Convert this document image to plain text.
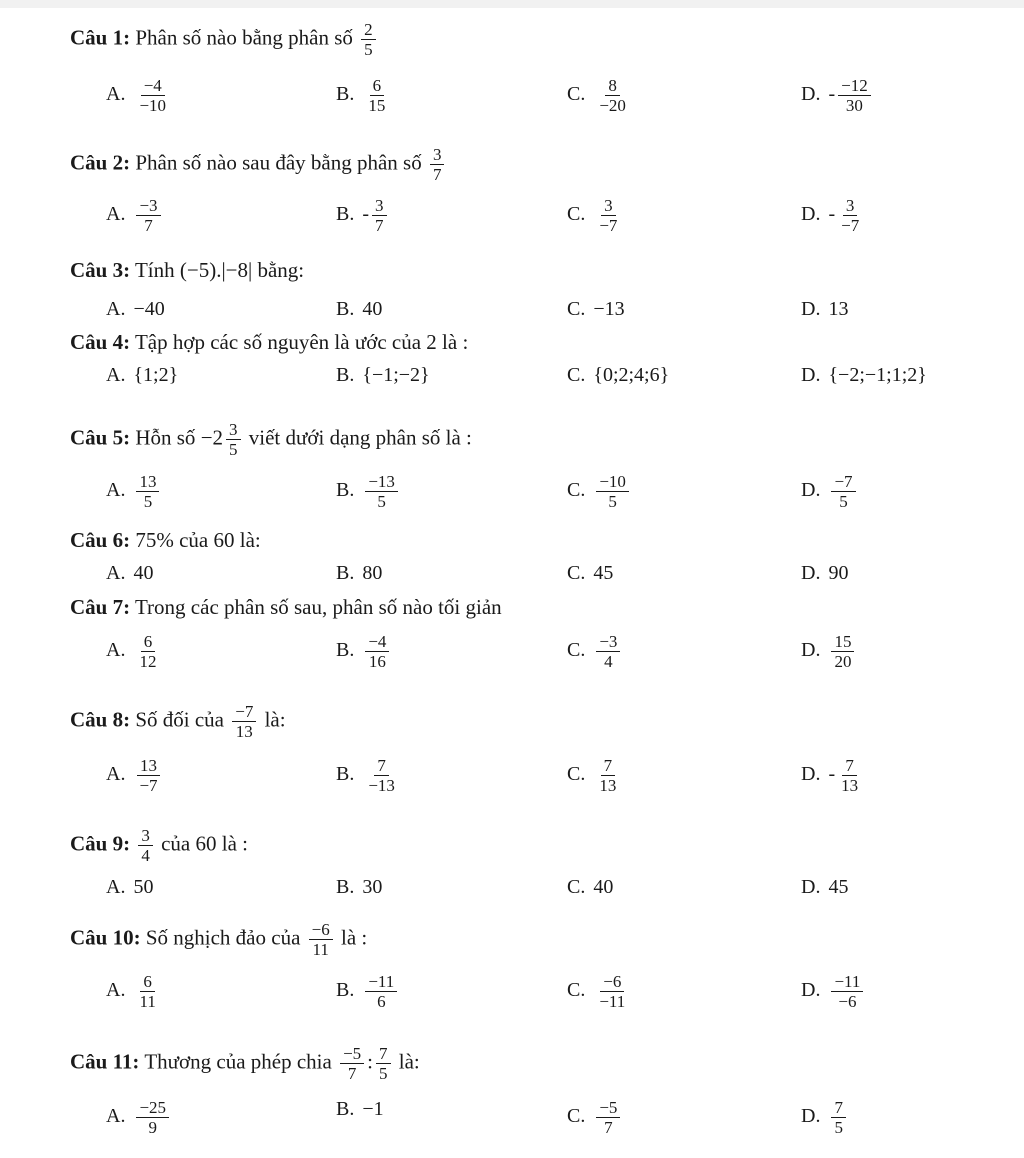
Câu 1: Phân số nào bằng phân số $\frac{2}{5}$
A. $\frac{-4}{-10}$	B. $\frac{6}{15}$	C. $\frac{8}{-20}$	D. - $\frac{-12}{30}$
Câu 2: Phân số nào sau đây bằng phân số $\frac{3}{7}$
A. $\frac{-3}{7}$	B. - $\frac{3}{7}$	C. $\frac{3}{-7}$	D. - $\frac{3}{-7}$
Câu 3: Tính (−5).|−8| bằng:
A. −40	B. 40	C. −13	D. 13
Câu 4: Tập hợp các số nguyên là ước của 2 là :
A. {1;2}	B. {−1;−2}	C. {0;2;4;6}	D. {−2;−1;1;2}
Câu 5: Hỗn số $-2 \frac{3}{5}$ viết dưới dạng phân số là :
A. $\frac{13}{5}$	B. $\frac{-13}{5}$	C. $\frac{-10}{5}$	D. $\frac{-7}{5}$
Câu 6: 75% của 60 là:
A. 40	B. 80	C. 45	D. 90
Câu 7: Trong các phân số sau, phân số nào tối giản
A. $\frac{6}{12}$	B. $\frac{-4}{16}$	C. $\frac{-3}{4}$	D. $\frac{15}{20}$
Câu 8: Số đối của $\frac{-7}{13}$ là:
A. $\frac{13}{-7}$	B. $\frac{7}{-13}$	C. $\frac{7}{13}$	D. - $\frac{7}{13}$
Câu 9: $\frac{3}{4}$ của 60 là :
A. 50	B. 30	C. 40	D. 45
Câu 10: Số nghịch đảo của $\frac{-6}{11}$ là :
A. $\frac{6}{11}$	B. $\frac{-11}{6}$	C. $\frac{-6}{-11}$	D. $\frac{-11}{-6}$
Câu 11: Thương của phép chia $\frac{-5}{7}$ : $\frac{7}{5}$ là:
A. $\frac{-25}{9}$	B. −1	C. $\frac{-5}{7}$	D. $\frac{7}{5}$
